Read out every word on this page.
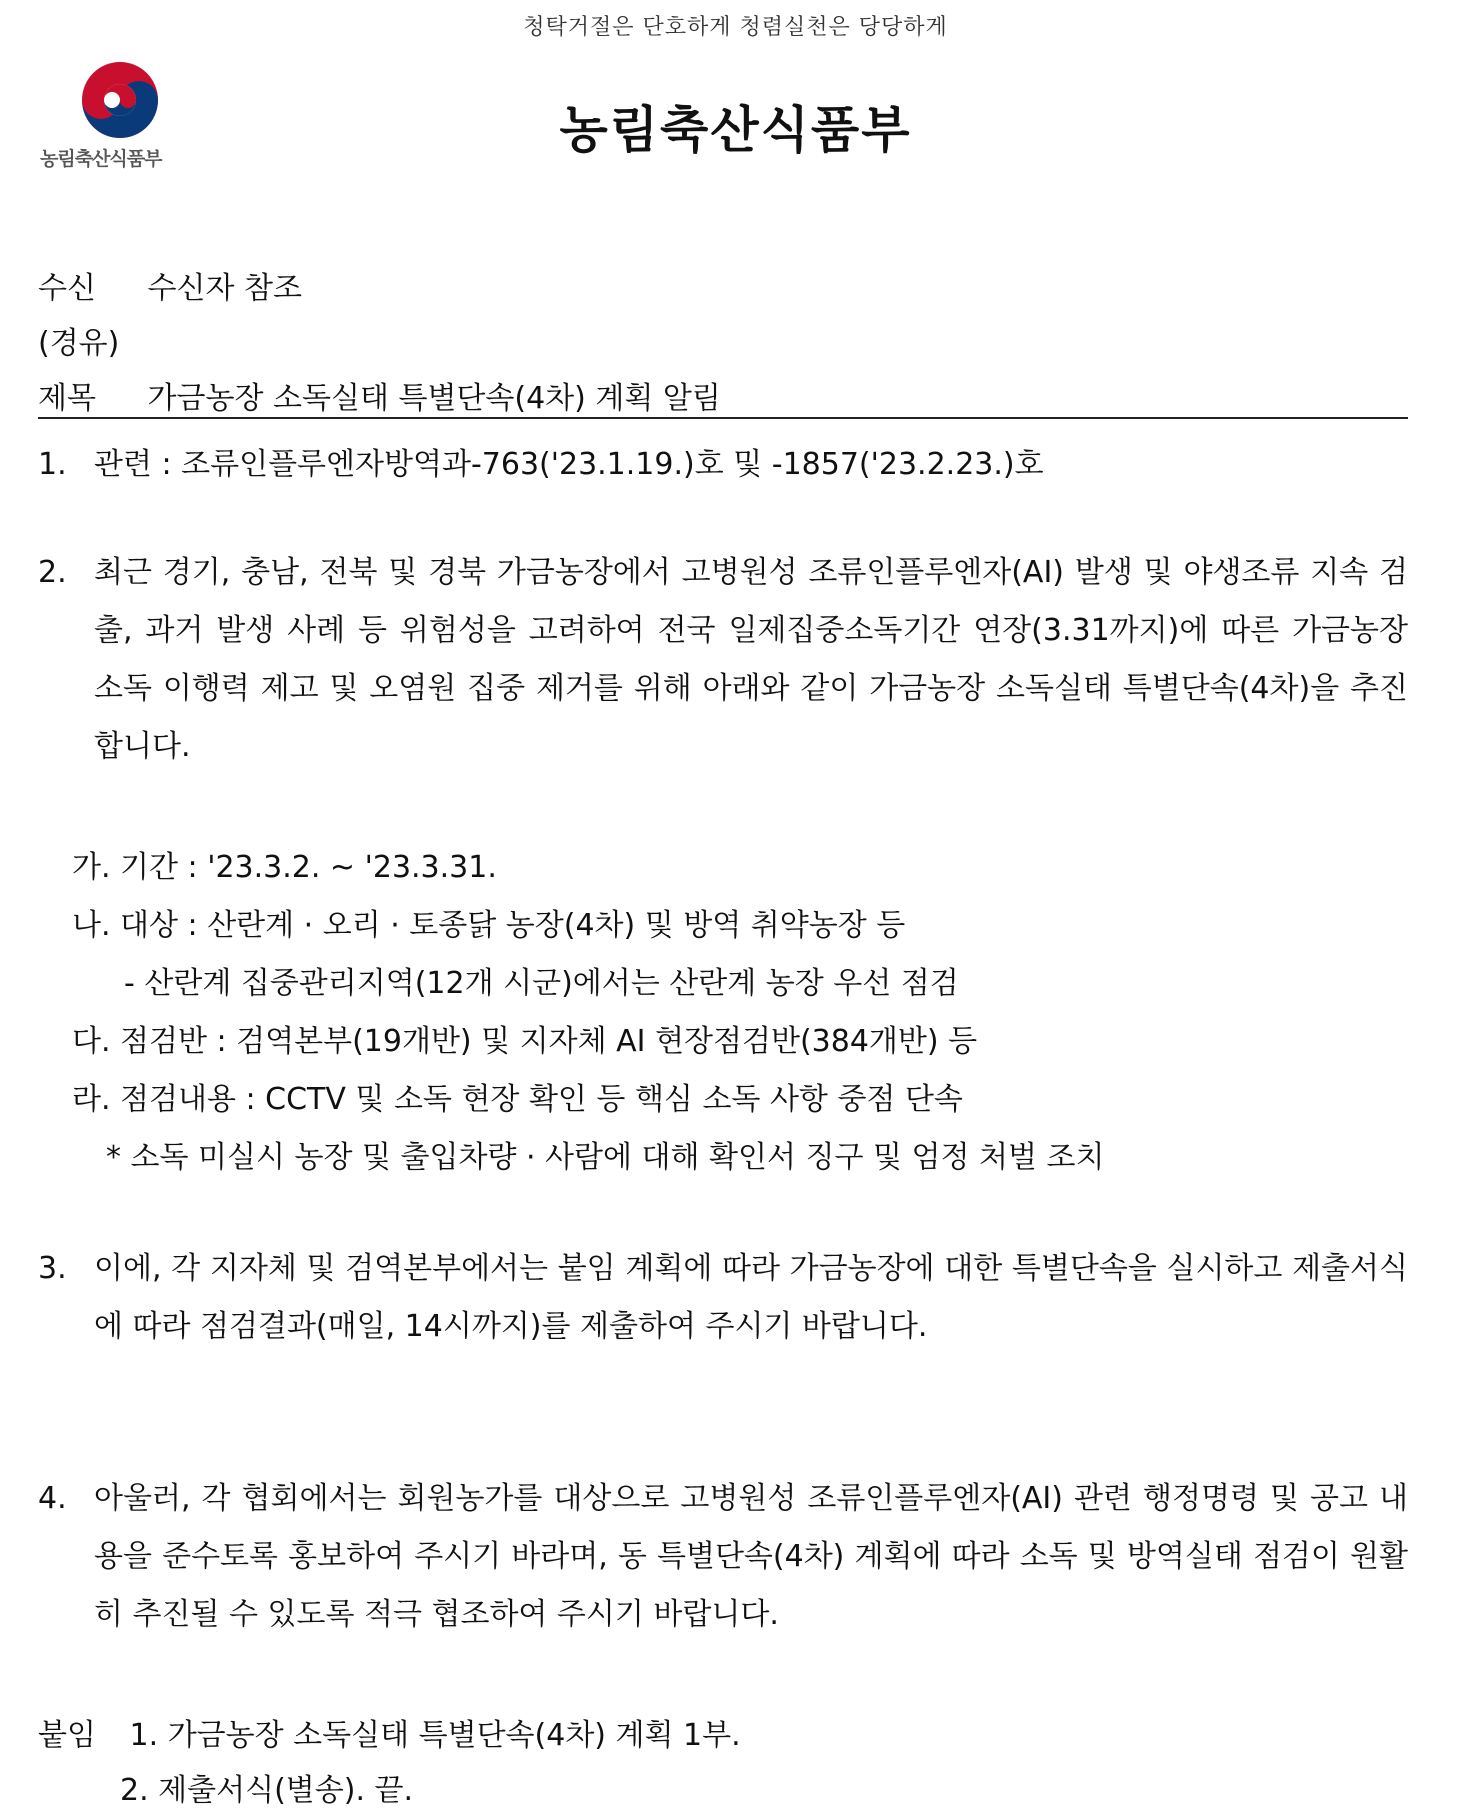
청탁거절은 단호하게 청렴실천은 당당하게
농림축산식품부	농림축산식품부
수신 수신자 참조
(경유)
제목 가금농장 소독실태 특별단속(4차) 계획 알림
1. 관련 : 조류인플루엔자방역과-763('23.1.19.)호 및 -1857('23.2.23.)호
2. 최근 경기, 충남, 전북 및 경북 가금농장에서 고병원성 조류인플루엔자(AI) 발생 및 야생조류 지속 검출, 과거 발생 사례 등 위험성을 고려하여 전국 일제집중소독기간 연장(3.31까지)에 따른 가금농장 소독 이행력 제고 및 오염원 집중 제거를 위해 아래와 같이 가금농장 소독실태 특별단속(4차)을 추진합니다.
가. 기간 : '23.3.2. ~ '23.3.31.
나. 대상 : 산란계 · 오리 · 토종닭 농장(4차) 및 방역 취약농장 등
- 산란계 집중관리지역(12개 시군)에서는 산란계 농장 우선 점검
다. 점검반 : 검역본부(19개반) 및 지자체 AI 현장점검반(384개반) 등
라. 점검내용 : CCTV 및 소독 현장 확인 등 핵심 소독 사항 중점 단속
* 소독 미실시 농장 및 출입차량 · 사람에 대해 확인서 징구 및 엄정 처벌 조치
3. 이에, 각 지자체 및 검역본부에서는 붙임 계획에 따라 가금농장에 대한 특별단속을 실시하고 제출서식에 따라 점검결과(매일, 14시까지)를 제출하여 주시기 바랍니다.
4. 아울러, 각 협회에서는 회원농가를 대상으로 고병원성 조류인플루엔자(AI) 관련 행정명령 및 공고 내용을 준수토록 홍보하여 주시기 바라며, 동 특별단속(4차) 계획에 따라 소독 및 방역실태 점검이 원활히 추진될 수 있도록 적극 협조하여 주시기 바랍니다.
붙임 1. 가금농장 소독실태 특별단속(4차) 계획 1부.
2. 제출서식(별송). 끝.
